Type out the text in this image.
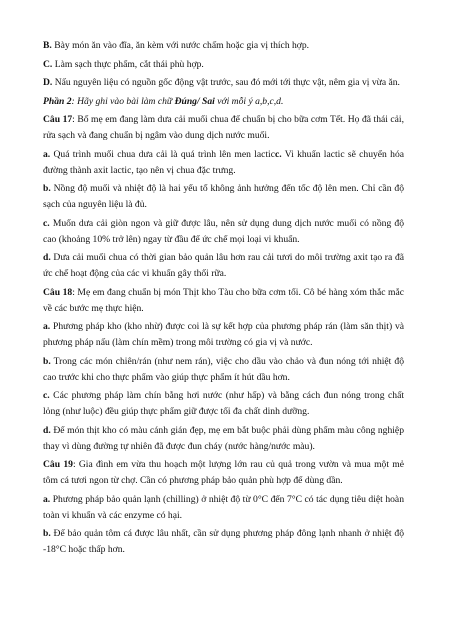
B. Bày món ăn vào đĩa, ăn kèm với nước chấm hoặc gia vị thích hợp.

C. Làm sạch thực phẩm, cắt thái phù hợp.

D. Nấu nguyên liệu có nguồn gốc động vật trước, sau đó mới tới thực vật, nêm gia vị vừa ăn.

Phần 2: Hãy ghi vào bài làm chữ Đúng/ Sai với mỗi ý a,b,c,d.

Câu 17: Bố mẹ em đang làm dưa cải muối chua để chuẩn bị cho bữa cơm Tết. Họ đã thái cải, rửa sạch và đang chuẩn bị ngâm vào dung dịch nước muối.

a. Quá trình muối chua dưa cải là quá trình lên men lacticc. Vi khuẩn lactic sẽ chuyển hóa đường thành axit lactic, tạo nên vị chua đặc trưng.

b. Nồng độ muối và nhiệt độ là hai yếu tố không ảnh hưởng đến tốc độ lên men. Chỉ cần độ sạch của nguyên liệu là đủ.

c. Muốn dưa cải giòn ngon và giữ được lâu, nên sử dụng dung dịch nước muối có nồng độ cao (khoảng 10% trở lên) ngay từ đầu để ức chế mọi loại vi khuẩn.

d. Dưa cải muối chua có thời gian bảo quản lâu hơn rau cải tươi do môi trường axit tạo ra đã ức chế hoạt động của các vi khuẩn gây thối rữa.

Câu 18: Mẹ em đang chuẩn bị món Thịt kho Tàu cho bữa cơm tối. Cô bé hàng xóm thắc mắc về các bước mẹ thực hiện.

a. Phương pháp kho (kho nhừ) được coi là sự kết hợp của phương pháp rán (làm săn thịt) và phương pháp nấu (làm chín mềm) trong môi trường có gia vị và nước.

b. Trong các món chiên/rán (như nem rán), việc cho dầu vào chảo và đun nóng tới nhiệt độ cao trước khi cho thực phẩm vào giúp thực phẩm ít hút dầu hơn.

c. Các phương pháp làm chín bằng hơi nước (như hấp) và bằng cách đun nóng trong chất lỏng (như luộc) đều giúp thực phẩm giữ được tối đa chất dinh dưỡng.

d. Để món thịt kho có màu cánh gián đẹp, mẹ em bắt buộc phải dùng phẩm màu công nghiệp thay vì dùng đường tự nhiên đã được đun cháy (nước hàng/nước màu).

Câu 19: Gia đình em vừa thu hoạch một lượng lớn rau củ quả trong vườn và mua một mẻ tôm cá tươi ngon từ chợ. Cần có phương pháp bảo quản phù hợp để dùng dần.

a. Phương pháp bảo quản lạnh (chilling) ở nhiệt độ từ 0°C đến 7°C có tác dụng tiêu diệt hoàn toàn vi khuẩn và các enzyme có hại.

b. Để bảo quản tôm cá được lâu nhất, cần sử dụng phương pháp đông lạnh nhanh ở nhiệt độ -18°C hoặc thấp hơn.
